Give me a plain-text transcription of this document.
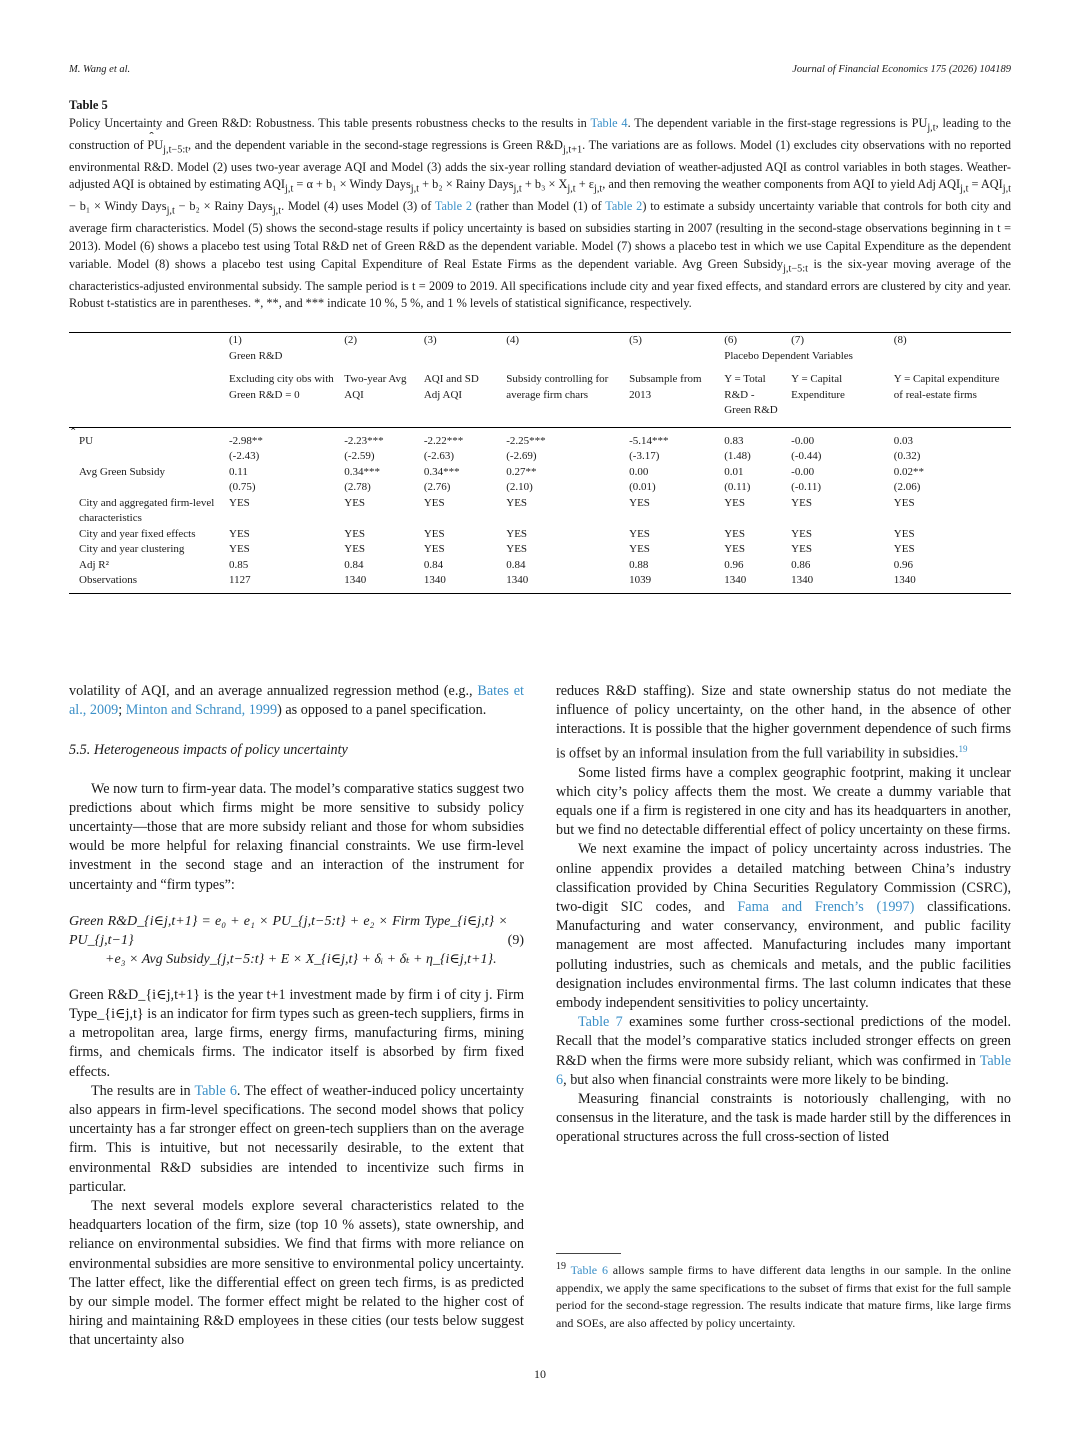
M. Wang et al.	Journal of Financial Economics 175 (2026) 104189
Table 5

Policy Uncertainty and Green R&D: Robustness. This table presents robustness checks to the results in Table 4. The dependent variable in the first-stage regressions is $PU_{j,t}$, leading to the construction of ˆ $PU_{j,t-5:t}$, and the dependent variable in the second-stage regressions is Green $R\&D_{j,t+1}$. The variations are as follows. Model (1) excludes city observations with no reported environmental R&D. Model (2) uses two-year average AQI and Model (3) adds the six-year rolling standard deviation of weather-adjusted AQI as control variables in both stages. Weather-adjusted AQI is obtained by estimating $AQI_{j,t} = \alpha + b_1$ × Windy Days$_{j,t}$ + b₂ × Rainy Days$_{j,t}$ + $b_3 \times X_{j,t} + \varepsilon_{j,t}$, and then removing the weather components from AQI to yield Adj $AQI_{j,t} = AQI_{j,t} - b_1$ × Windy Days$_{j,t}$ − b₂ × Rainy Days$_{j,t}$. Model (4) uses Model (3) of Table 2 (rather than Model (1) of Table 2) to estimate a subsidy uncertainty variable that controls for both city and average firm characteristics. Model (5) shows the second-stage results if policy uncertainty is based on subsidies starting in 2007 (resulting in the second-stage observations beginning in t = 2013). Model (6) shows a placebo test using Total R&D net of Green R&D as the dependent variable. Model (7) shows a placebo test in which we use Capital Expenditure as the dependent variable. Model (8) shows a placebo test using Capital Expenditure of Real Estate Firms as the dependent variable. Avg Green Subsidy$_{j,t-5:t}$ is the six-year moving average of the characteristics-adjusted environmental subsidy. The sample period is t = 2009 to 2019. All specifications include city and year fixed effects, and standard errors are clustered by city and year. Robust t-statistics are in parentheses. *, **, and *** indicate 10 %, 5 %, and 1 % levels of statistical significance, respectively.

	(1)	(2)	(3)	(4)	(5)	(6)	(7)	(8)
	Green R&D					Placebo Dependent Variables		

	Excluding city obs with Green R&D = 0	Two-year Avg AQI	AQI and SD Adj AQI	Subsidy controlling for average firm chars	Subsample from 2013	Y = Total R&D - Green R&D	Y = Capital Expenditure	Y = Capital expenditure of real-estate firms

ˆ PU	-2.98**	-2.23***	-2.22***	-2.25***	-5.14***	0.83	-0.00	0.03
	(-2.43)	(-2.59)	(-2.63)	(-2.69)	(-3.17)	(1.48)	(-0.44)	(0.32)
Avg Green Subsidy	0.11	0.34***	0.34***	0.27**	0.00	0.01	-0.00	0.02**
	(0.75)	(2.78)	(2.76)	(2.10)	(0.01)	(0.11)	(-0.11)	(2.06)
City and aggregated firm-level characteristics	YES	YES	YES	YES	YES	YES	YES	YES
City and year fixed effects	YES	YES	YES	YES	YES	YES	YES	YES
City and year clustering	YES	YES	YES	YES	YES	YES	YES	YES
Adj R²	0.85	0.84	0.84	0.84	0.88	0.96	0.86	0.96
Observations	1127	1340	1340	1340	1039	1340	1340	1340

volatility of AQI, and an average annualized regression method (e.g., Bates et al., 2009; Minton and Schrand, 1999) as opposed to a panel specification.

5.5. Heterogeneous impacts of policy uncertainty

We now turn to firm-year data. The model’s comparative statics suggest two predictions about which firms might be more sensitive to subsidy policy uncertainty—those that are more subsidy reliant and those for whom subsidies would be more helpful for relaxing financial constraints. We use firm-level investment in the second stage and an interaction of the instrument for uncertainty and “firm types”:

Green R&D_{i∈j,t+1} = e₀ + e₁ × PU_{j,t−5:t} + e₂ × Firm Type_{i∈j,t} × PU_{j,t−1}
+e₃ × Avg Subsidy_{j,t−5:t} + E × X_{i∈j,t} + δᵢ + δₜ + η_{i∈j,t+1}.
(9)

Green R&D_{i∈j,t+1} is the year t+1 investment made by firm i of city j. Firm Type_{i∈j,t} is an indicator for firm types such as green-tech suppliers, firms in a metropolitan area, large firms, energy firms, manufacturing firms, mining firms, and chemicals firms. The indicator itself is absorbed by firm fixed effects.

The results are in Table 6. The effect of weather-induced policy uncertainty also appears in firm-level specifications. The second model shows that policy uncertainty has a far stronger effect on green-tech suppliers than on the average firm. This is intuitive, but not necessarily desirable, to the extent that environmental R&D subsidies are intended to incentivize such firms in particular.

The next several models explore several characteristics related to the headquarters location of the firm, size (top 10 % assets), state ownership, and reliance on environmental subsidies. We find that firms with more reliance on environmental subsidies are more sensitive to environmental policy uncertainty. The latter effect, like the differential effect on green tech firms, is as predicted by our simple model. The former effect might be related to the higher cost of hiring and maintaining R&D employees in these cities (our tests below suggest that uncertainty also

reduces R&D staffing). Size and state ownership status do not mediate the influence of policy uncertainty, on the other hand, in the absence of other interactions. It is possible that the higher government dependence of such firms is offset by an informal insulation from the full variability in subsidies.$^{19}$

Some listed firms have a complex geographic footprint, making it unclear which city’s policy affects them the most. We create a dummy variable that equals one if a firm is registered in one city and has its headquarters in another, but we find no detectable differential effect of policy uncertainty on these firms.

We next examine the impact of policy uncertainty across industries. The online appendix provides a detailed matching between China’s industry classification provided by China Securities Regulatory Commission (CSRC), two-digit SIC codes, and Fama and French’s (1997) classifications. Manufacturing and water conservancy, environment, and public facility management are most affected. Manufacturing includes many important polluting industries, such as chemicals and metals, and the public facilities designation includes environmental firms. The last column indicates that these embody independent sensitivities to policy uncertainty.

Table 7 examines some further cross-sectional predictions of the model. Recall that the model’s comparative statics included stronger effects on green R&D when the firms were more subsidy reliant, which was confirmed in Table 6, but also when financial constraints were more likely to be binding.

Measuring financial constraints is notoriously challenging, with no consensus in the literature, and the task is made harder still by the differences in operational structures across the full cross-section of listed

$^{19}$ Table 6 allows sample firms to have different data lengths in our sample. In the online appendix, we apply the same specifications to the subset of firms that exist for the full sample period for the second-stage regression. The results indicate that mature firms, like large firms and SOEs, are also affected by policy uncertainty.
10
